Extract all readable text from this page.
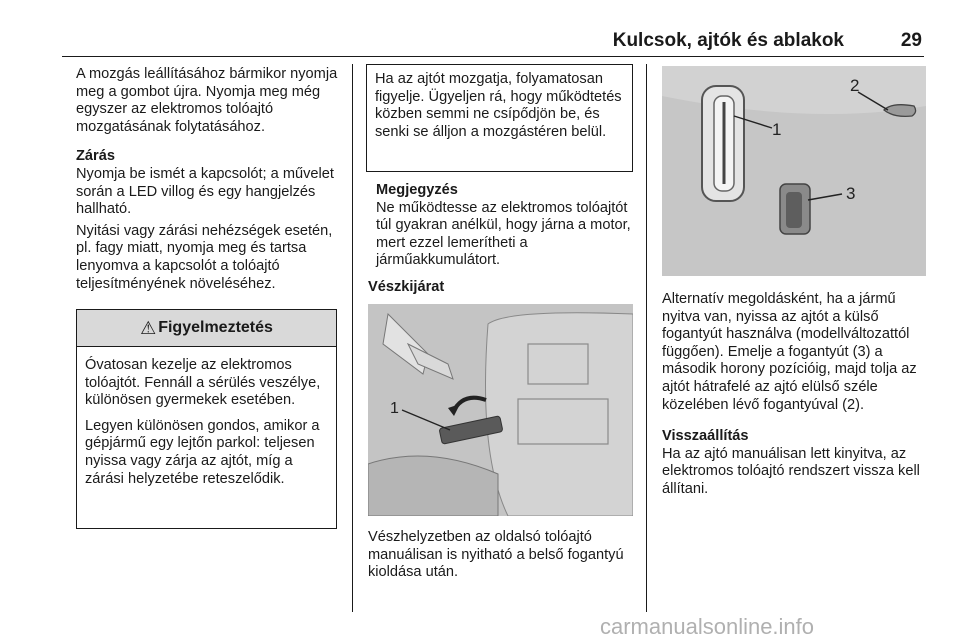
Kulcsok, ajtók és ablakok	29

A mozgás leállításához bármikor nyomja meg a gombot újra. Nyomja meg még egyszer az elektromos tolóajtó mozgatásának folytatásához.

Zárás

Nyomja be ismét a kapcsolót; a művelet során a LED villog és egy hangjelzés hallható.

Nyitási vagy zárási nehézségek esetén, pl. fagy miatt, nyomja meg és tartsa lenyomva a kapcsolót a tolóajtó teljesítményének növeléséhez.

⚠ Figyelmeztetés

Óvatosan kezelje az elektromos tolóajtót. Fennáll a sérülés veszélye, különösen gyermekek esetében.

Legyen különösen gondos, amikor a gépjármű egy lejtőn parkol: teljesen nyissa vagy zárja az ajtót, míg a zárási helyzetébe reteszelődik.

Ha az ajtót mozgatja, folyamatosan figyelje. Ügyeljen rá, hogy működtetés közben semmi ne csípődjön be, és senki se álljon a mozgástéren belül.
Megjegyzés

Ne működtesse az elektromos tolóajtót túl gyakran anélkül, hogy járna a motor, mert ezzel lemerítheti a járműakkumulátort.

Vészkijárat
1

Vészhelyzetben az oldalsó tolóajtó manuálisan is nyitható a belső fogantyú kioldása után.

1
2
3

Alternatív megoldásként, ha a jármű nyitva van, nyissa az ajtót a külső fogantyút használva (modellváltozattól függően). Emelje a fogantyút (3) a második horony pozícióig, majd tolja az ajtót hátrafelé az ajtó elülső széle közelében lévő fogantyúval (2).

Visszaállítás

Ha az ajtó manuálisan lett kinyitva, az elektromos tolóajtó rendszert vissza kell állítani.

carmanualsonline.info
